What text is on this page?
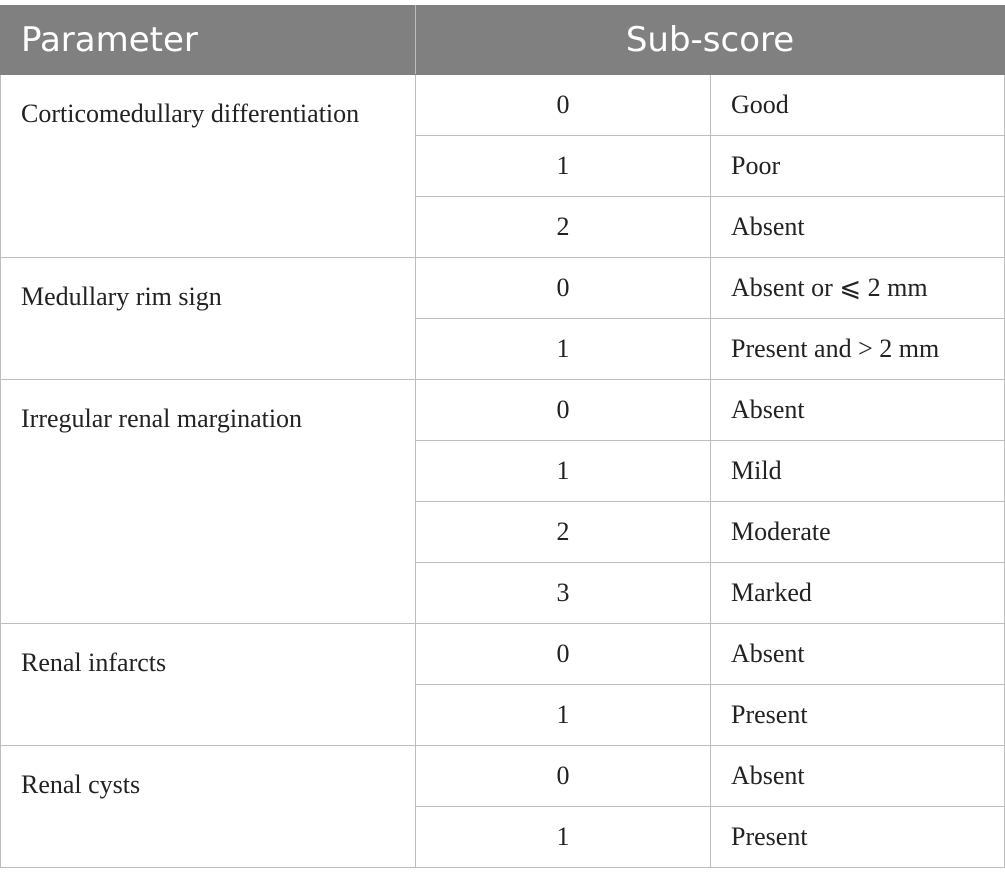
Parameter	Sub-score	
Corticomedullary differentiation	0	Good
	1	Poor
	2	Absent
Medullary rim sign	0	Absent or ⩽ 2 mm
	1	Present and > 2 mm
Irregular renal margination	0	Absent
	1	Mild
	2	Moderate
	3	Marked
Renal infarcts	0	Absent
	1	Present
Renal cysts	0	Absent
	1	Present
